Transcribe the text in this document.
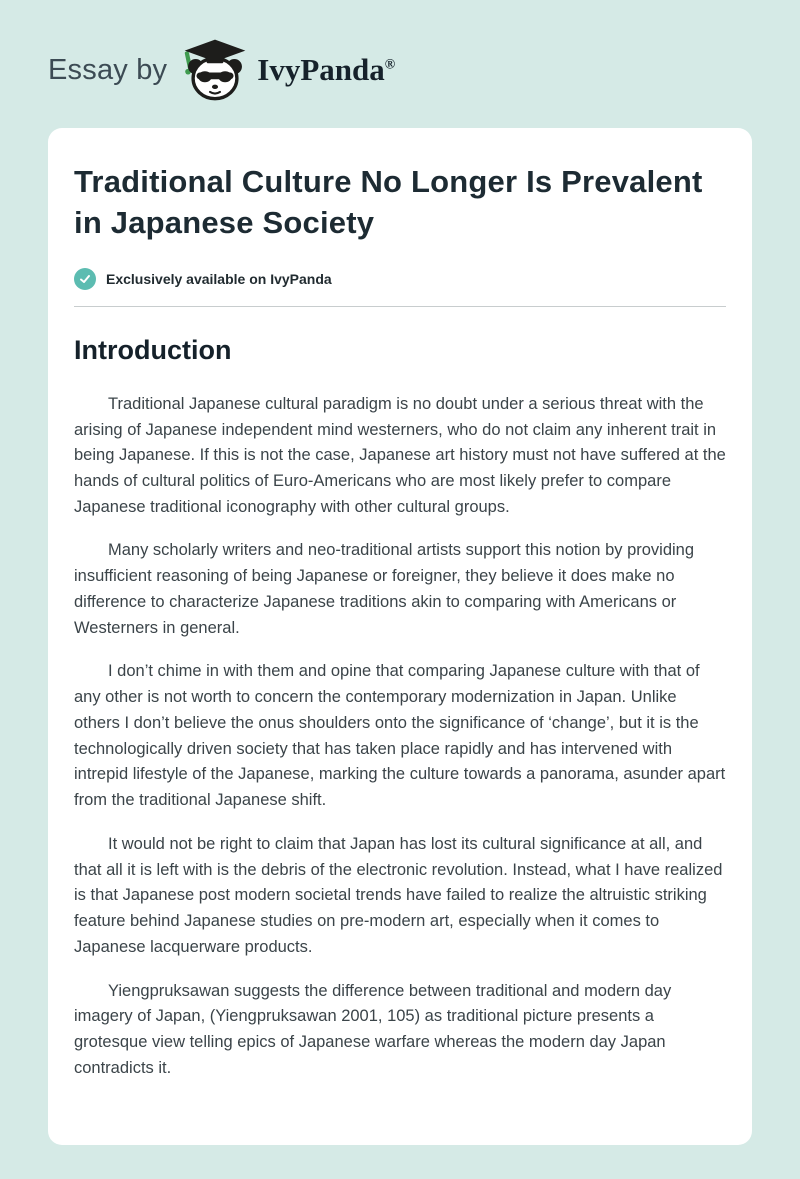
Essay by	IvyPanda®
Traditional Culture No Longer Is Prevalent in Japanese Society
Exclusively available on IvyPanda
Introduction

Traditional Japanese cultural paradigm is no doubt under a serious threat with the arising of Japanese independent mind westerners, who do not claim any inherent trait in being Japanese. If this is not the case, Japanese art history must not have suffered at the hands of cultural politics of Euro-Americans who are most likely prefer to compare Japanese traditional iconography with other cultural groups.

Many scholarly writers and neo-traditional artists support this notion by providing insufficient reasoning of being Japanese or foreigner, they believe it does make no difference to characterize Japanese traditions akin to comparing with Americans or Westerners in general.

I don’t chime in with them and opine that comparing Japanese culture with that of any other is not worth to concern the contemporary modernization in Japan. Unlike others I don’t believe the onus shoulders onto the significance of ‘change’, but it is the technologically driven society that has taken place rapidly and has intervened with intrepid lifestyle of the Japanese, marking the culture towards a panorama, asunder apart from the traditional Japanese shift.

It would not be right to claim that Japan has lost its cultural significance at all, and that all it is left with is the debris of the electronic revolution. Instead, what I have realized is that Japanese post modern societal trends have failed to realize the altruistic striking feature behind Japanese studies on pre-modern art, especially when it comes to Japanese lacquerware products.

Yiengpruksawan suggests the difference between traditional and modern day imagery of Japan, (Yiengpruksawan 2001, 105) as traditional picture presents a grotesque view telling epics of Japanese warfare whereas the modern day Japan contradicts it.
